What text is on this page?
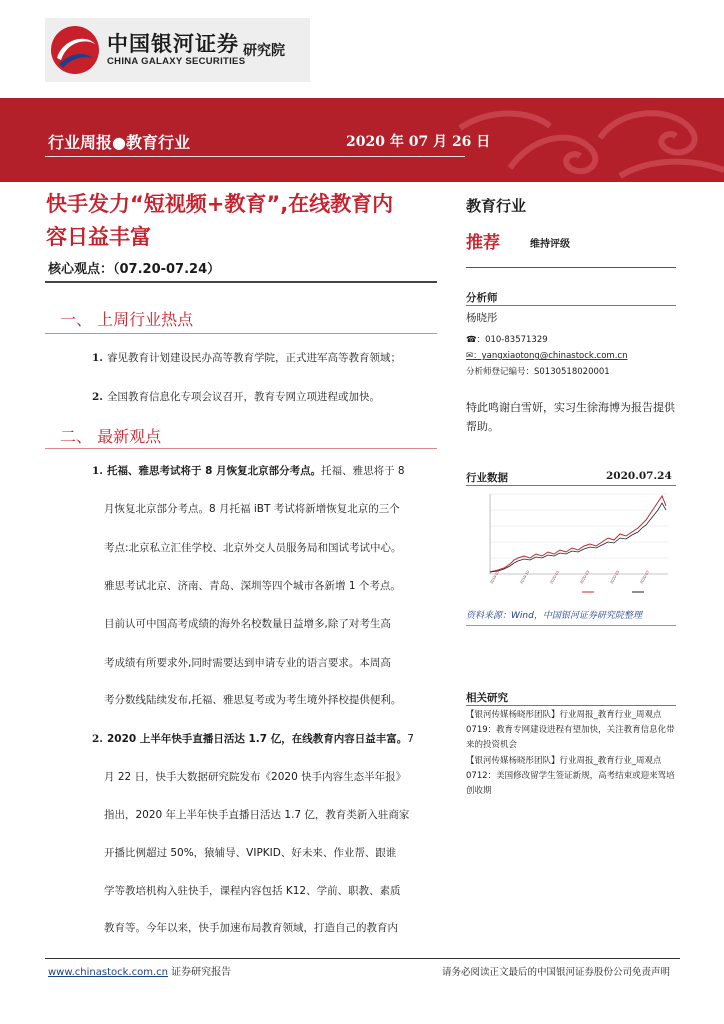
中国银河证券
CHINA GALAXY SECURITIES
研究院
行业周报●教育行业	2020 年 07 月 26 日
快手发力“短视频+教育”,在线教育内
容日益丰富
核心观点：（07.20-07.24）
一、 上周行业热点
1. 睿见教育计划建设民办高等教育学院，正式进军高等教育领域；
2. 全国教育信息化专项会议召开，教育专网立项进程或加快。
二、 最新观点
1. 托福、雅思考试将于 8 月恢复北京部分考点。托福、雅思将于 8
月恢复北京部分考点。8 月托福 iBT 考试将新增恢复北京的三个
考点:北京私立汇佳学校、北京外交人员服务局和国试考试中心。
雅思考试北京、济南、青岛、深圳等四个城市各新增 1 个考点。
目前认可中国高考成绩的海外名校数量日益增多,除了对考生高
考成绩有所要求外,同时需要达到申请专业的语言要求。本周高
考分数线陆续发布,托福、雅思复考或为考生境外择校提供便利。
2. 2020 上半年快手直播日活达 1.7 亿，在线教育内容日益丰富。7
月 22 日，快手大数据研究院发布《2020 快手内容生态半年报》
指出，2020 年上半年快手直播日活达 1.7 亿，教育类新入驻商家
开播比例超过 50%，猿辅导、VIPKID、好未来、作业帮、跟谁
学等教培机构入驻快手，课程内容包括 K12、学前、职教、素质
教育等。今年以来，快手加速布局教育领域，打造自己的教育内
教育行业
推荐	维持评级
分析师
杨晓彤
☎：010-83571329
✉：yangxiaotong@chinastock.com.cn
分析师登记编号：S0130518020001
特此鸣谢白雪妍，实习生徐海博为报告提供帮助。
行业数据	2020.07.24
2019-07	2019-10	2020-01	2020-03	2020-05	2020-07
资料来源：Wind，中国银河证券研究院整理
相关研究
【银河传媒杨晓彤团队】行业周报_教育行业_周观点 0719：教育专网建设进程有望加快，关注教育信息化带来的投资机会
【银河传媒杨晓彤团队】行业周报_教育行业_周观点 0712：美国修改留学生签证新规，高考结束或迎来驾培创收期
www.chinastock.com.cn 证券研究报告	请务必阅读正文最后的中国银河证券股份公司免责声明
